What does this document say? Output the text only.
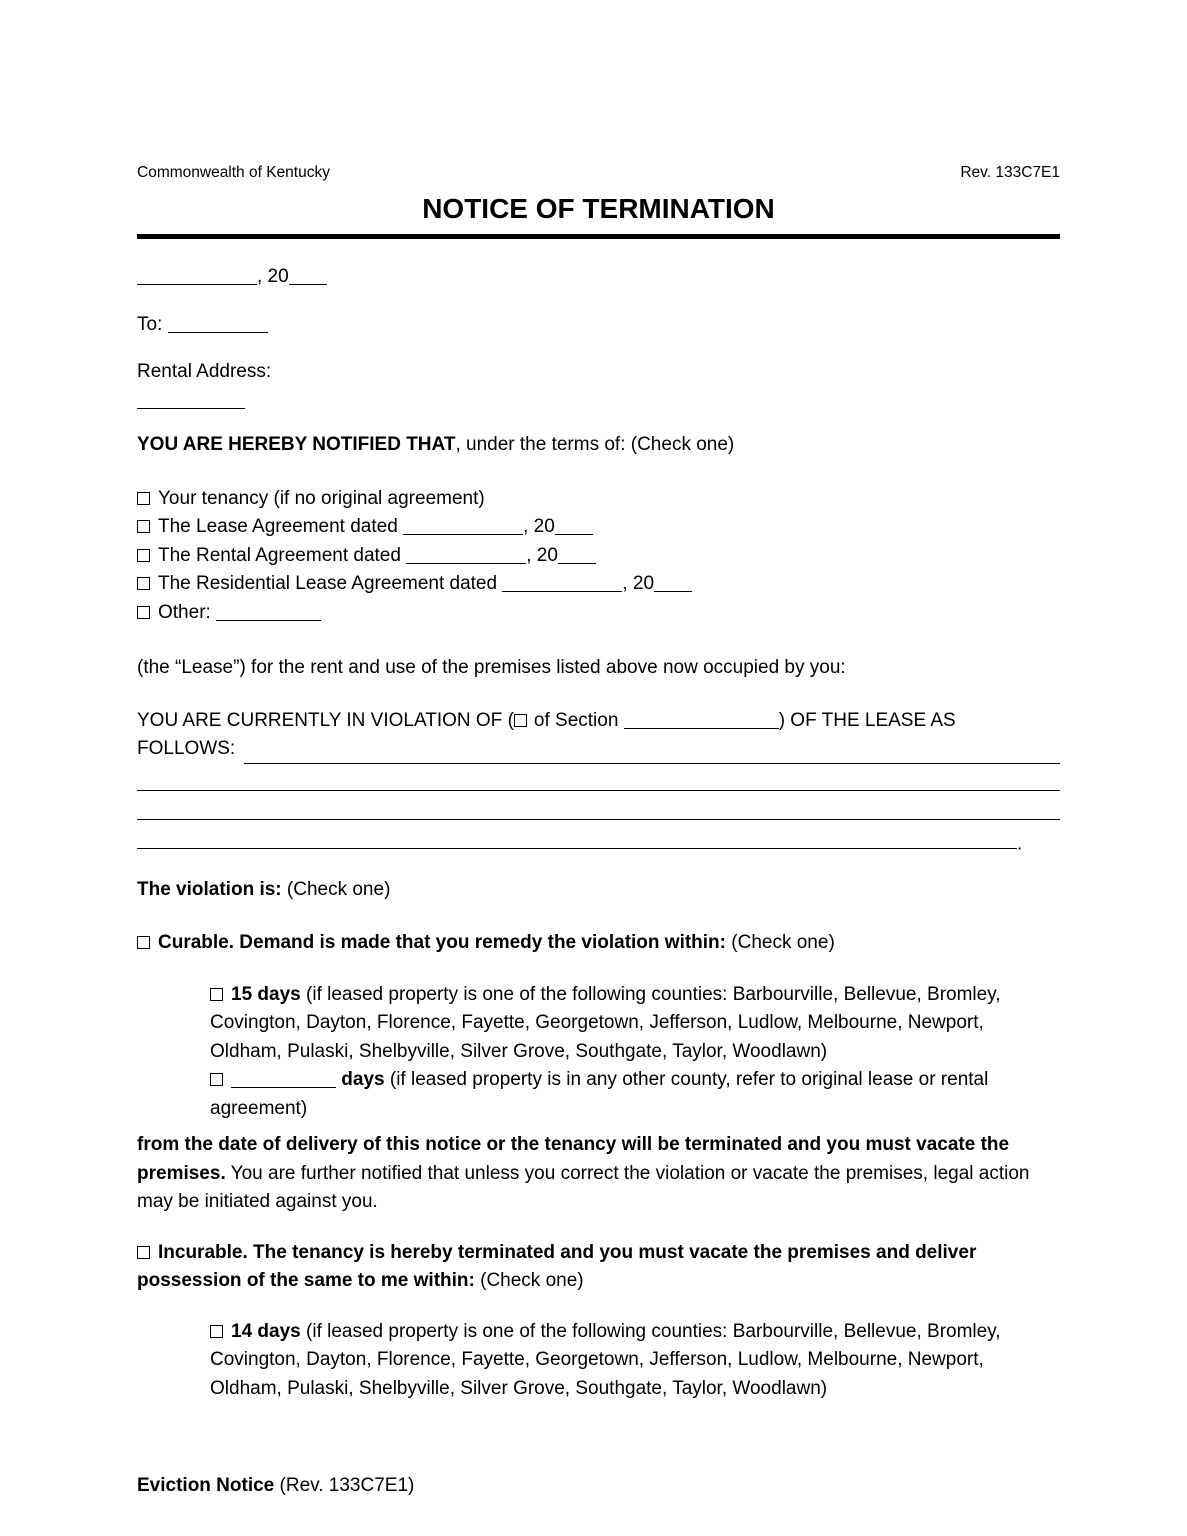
Commonwealth of Kentucky	Rev. 133C7E1
NOTICE OF TERMINATION
, 20
To:
Rental Address:
YOU ARE HEREBY NOTIFIED THAT, under the terms of: (Check one)
Your tenancy (if no original agreement)
The Lease Agreement dated	, 20
The Rental Agreement dated	, 20
The Residential Lease Agreement dated	, 20
Other:
(the “Lease”) for the rent and use of the premises listed above now occupied by you:
YOU ARE CURRENTLY IN VIOLATION OF ( of Section	) OF THE LEASE AS
FOLLOWS:
.
The violation is: (Check one)
Curable. Demand is made that you remedy the violation within: (Check one)
15 days (if leased property is one of the following counties: Barbourville, Bellevue, Bromley, Covington, Dayton, Florence, Fayette, Georgetown, Jefferson, Ludlow, Melbourne, Newport, Oldham, Pulaski, Shelbyville, Silver Grove, Southgate, Taylor, Woodlawn)
days (if leased property is in any other county, refer to original lease or rental agreement)
from the date of delivery of this notice or the tenancy will be terminated and you must vacate the premises. You are further notified that unless you correct the violation or vacate the premises, legal action may be initiated against you.
Incurable. The tenancy is hereby terminated and you must vacate the premises and deliver possession of the same to me within: (Check one)
14 days (if leased property is one of the following counties: Barbourville, Bellevue, Bromley, Covington, Dayton, Florence, Fayette, Georgetown, Jefferson, Ludlow, Melbourne, Newport, Oldham, Pulaski, Shelbyville, Silver Grove, Southgate, Taylor, Woodlawn)
Eviction Notice (Rev. 133C7E1)
